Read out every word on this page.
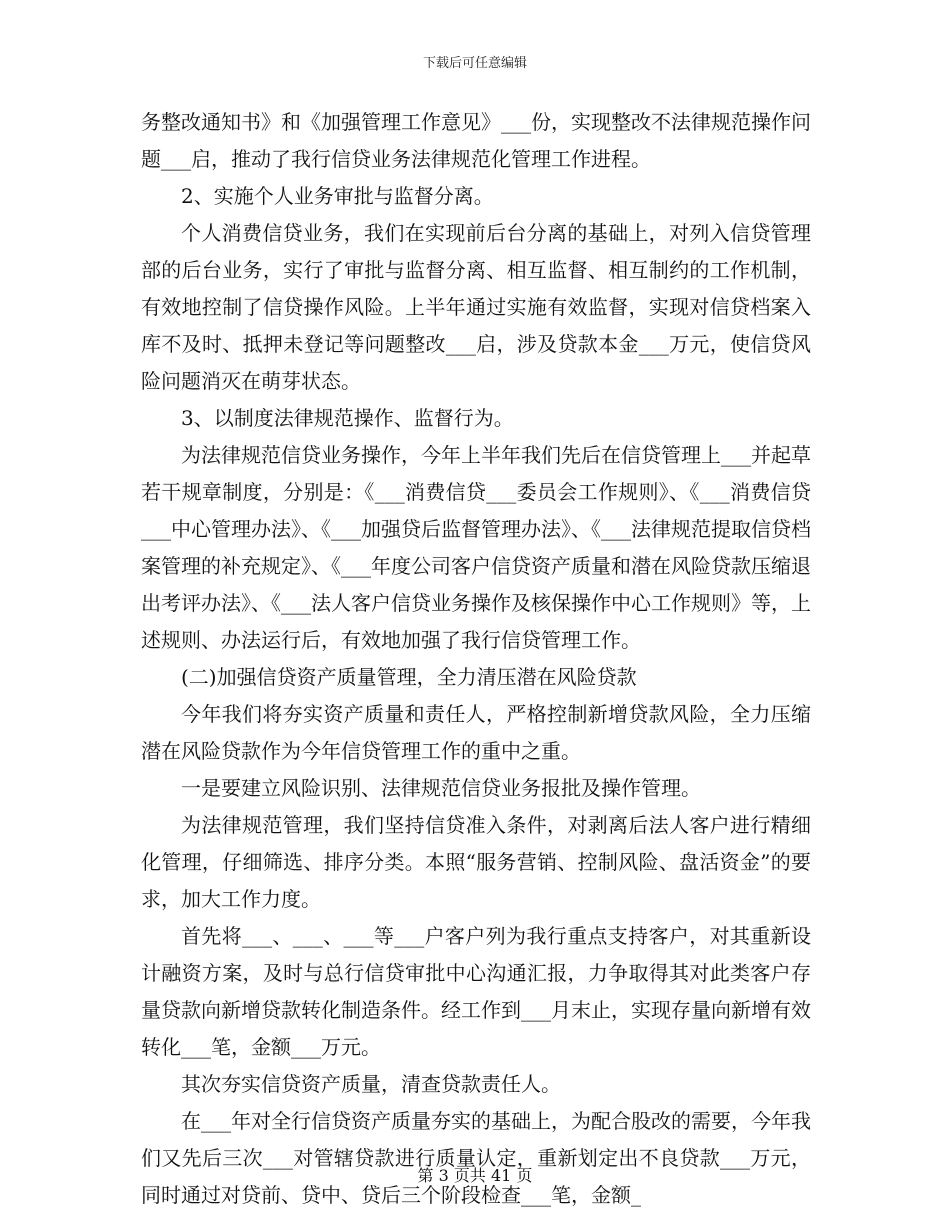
下载后可任意编辑

务整改通知书》和《加强管理工作意见》___份，实现整改不法律规范操作问题___启，推动了我行信贷业务法律规范化管理工作进程。

2、实施个人业务审批与监督分离。

个人消费信贷业务，我们在实现前后台分离的基础上，对列入信贷管理部的后台业务，实行了审批与监督分离、相互监督、相互制约的工作机制，有效地控制了信贷操作风险。上半年通过实施有效监督，实现对信贷档案入库不及时、抵押未登记等问题整改___启，涉及贷款本金___万元，使信贷风险问题消灭在萌芽状态。

3、以制度法律规范操作、监督行为。

为法律规范信贷业务操作，今年上半年我们先后在信贷管理上___并起草若干规章制度，分别是：《___消费信贷___委员会工作规则》、《___消费信贷___中心管理办法》、《___加强贷后监督管理办法》、《___法律规范提取信贷档案管理的补充规定》、《___年度公司客户信贷资产质量和潜在风险贷款压缩退出考评办法》、《___法人客户信贷业务操作及核保操作中心工作规则》等，上述规则、办法运行后，有效地加强了我行信贷管理工作。

(二)加强信贷资产质量管理，全力清压潜在风险贷款

今年我们将夯实资产质量和责任人，严格控制新增贷款风险，全力压缩潜在风险贷款作为今年信贷管理工作的重中之重。

一是要建立风险识别、法律规范信贷业务报批及操作管理。

为法律规范管理，我们坚持信贷准入条件，对剥离后法人客户进行精细化管理，仔细筛选、排序分类。本照“服务营销、控制风险、盘活资金”的要求，加大工作力度。

首先将___、___、___等___户客户列为我行重点支持客户，对其重新设计融资方案，及时与总行信贷审批中心沟通汇报，力争取得其对此类客户存量贷款向新增贷款转化制造条件。经工作到___月末止，实现存量向新增有效转化___笔，金额___万元。

其次夯实信贷资产质量，清查贷款责任人。

在___年对全行信贷资产质量夯实的基础上，为配合股改的需要，今年我们又先后三次___对管辖贷款进行质量认定，重新划定出不良贷款___万元，同时通过对贷前、贷中、贷后三个阶段检查___笔，金额_

第 3 页共 41 页
